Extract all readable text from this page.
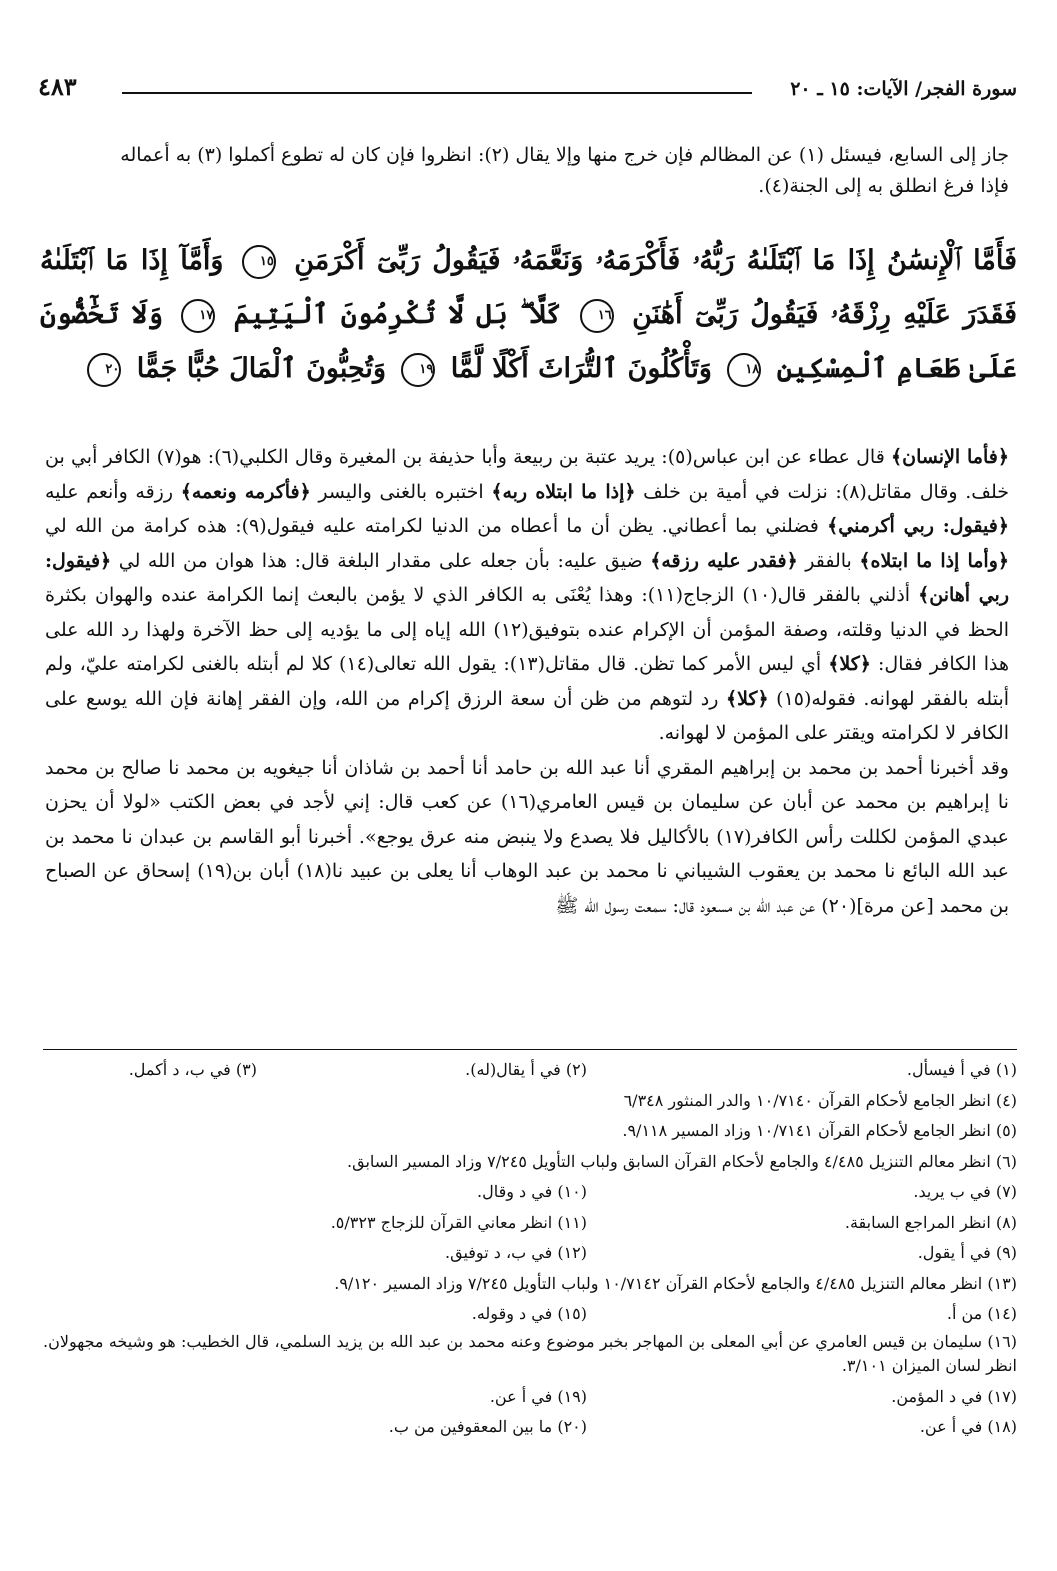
سورة الفجر/ الآيات: ١٥ ـ ٢٠
٤٨٣
جاز إلى السابع، فيسئل (١) عن المظالم فإن خرج منها وإلا يقال (٢): انظروا فإن كان له تطوع أكملوا (٣) به أعماله
فإذا فرغ انطلق به إلى الجنة(٤).
فَأَمَّا ٱلْإِنسَٰنُ إِذَا مَا ٱبْتَلَىٰهُ رَبُّهُۥ فَأَكْرَمَهُۥ وَنَعَّمَهُۥ فَيَقُولُ رَبِّىٓ أَكْرَمَنِ ١٥ وَأَمَّآ إِذَا مَا ٱبْتَلَىٰهُ فَقَدَرَ عَلَيْهِ رِزْقَهُۥ فَيَقُولُ رَبِّىٓ أَهَٰنَنِ ١٦ كَلَّا ۖ بَل لَّا تُكْرِمُونَ ٱلْيَتِيمَ ١٧ وَلَا تَحَٰٓضُّونَ عَلَىٰ طَعَامِ ٱلْمِسْكِينِ ١٨ وَتَأْكُلُونَ ٱلتُّرَاثَ أَكْلًا لَّمًّا ١٩ وَتُحِبُّونَ ٱلْمَالَ حُبًّا جَمًّا ٢٠

﴿فأما الإنسان﴾ قال عطاء عن ابن عباس(٥): يريد عتبة بن ربيعة وأبا حذيفة بن المغيرة وقال الكلبي(٦): هو(٧) الكافر أبي بن خلف. وقال مقاتل(٨): نزلت في أمية بن خلف ﴿إذا ما ابتلاه ربه﴾ اختبره بالغنى واليسر ﴿فأكرمه ونعمه﴾ رزقه وأنعم عليه ﴿فيقول: ربي أكرمني﴾ فضلني بما أعطاني. يظن أن ما أعطاه من الدنيا لكرامته عليه فيقول(٩): هذه كرامة من الله لي ﴿وأما إذا ما ابتلاه﴾ بالفقر ﴿فقدر عليه رزقه﴾ ضيق عليه: بأن جعله على مقدار البلغة قال: هذا هوان من الله لي ﴿فيقول: ربي أهانن﴾ أذلني بالفقر قال(١٠) الزجاج(١١): وهذا يُعْنَى به الكافر الذي لا يؤمن بالبعث إنما الكرامة عنده والهوان بكثرة الحظ في الدنيا وقلته، وصفة المؤمن أن الإكرام عنده بتوفيق(١٢) الله إياه إلى ما يؤديه إلى حظ الآخرة ولهذا رد الله على هذا الكافر فقال: ﴿كلا﴾ أي ليس الأمر كما تظن. قال مقاتل(١٣): يقول الله تعالى(١٤) كلا لم أبتله بالغنى لكرامته عليّ، ولم أبتله بالفقر لهوانه. فقوله(١٥) ﴿كلا﴾ رد لتوهم من ظن أن سعة الرزق إكرام من الله، وإن الفقر إهانة فإن الله يوسع على الكافر لا لكرامته ويقتر على المؤمن لا لهوانه.

وقد أخبرنا أحمد بن محمد بن إبراهيم المقري أنا عبد الله بن حامد أنا أحمد بن شاذان أنا جيغويه بن محمد نا صالح بن محمد نا إبراهيم بن محمد عن أبان عن سليمان بن قيس العامري(١٦) عن كعب قال: إني لأجد في بعض الكتب «لولا أن يحزن عبدي المؤمن لكللت رأس الكافر(١٧) بالأكاليل فلا يصدع ولا ينبض منه عرق يوجع». أخبرنا أبو القاسم بن عبدان نا محمد بن عبد الله البائع نا محمد بن يعقوب الشيباني نا محمد بن عبد الوهاب أنا يعلى بن عبيد نا(١٨) أبان بن(١٩) إسحاق عن الصباح بن محمد [عن مرة](٢٠) عن عبد الله بن مسعود قال: سمعت رسول الله ﷺ

(١) في أ فيسأل.
(٢) في أ يقال(له).
(٣) في ب، د أكمل.
(٤) انظر الجامع لأحكام القرآن ١٠/٧١٤٠ والدر المنثور ٦/٣٤٨
(٥) انظر الجامع لأحكام القرآن ١٠/٧١٤١ وزاد المسير ٩/١١٨.
(٦) انظر معالم التنزيل ٤/٤٨٥ والجامع لأحكام القرآن السابق ولباب التأويل ٧/٢٤٥ وزاد المسير السابق.
(٧) في ب يريد.
(١٠) في د وقال.
(٨) انظر المراجع السابقة.
(١١) انظر معاني القرآن للزجاج ٥/٣٢٣.
(٩) في أ يقول.
(١٢) في ب، د توفيق.
(١٣) انظر معالم التنزيل ٤/٤٨٥ والجامع لأحكام القرآن ١٠/٧١٤٢ ولباب التأويل ٧/٢٤٥ وزاد المسير ٩/١٢٠.
(١٤) من أ.
(١٥) في د وقوله.
(١٦) سليمان بن قيس العامري عن أبي المعلى بن المهاجر بخبر موضوع وعنه محمد بن عبد الله بن يزيد السلمي، قال الخطيب: هو وشيخه مجهولان. انظر لسان الميزان ٣/١٠١.
(١٧) في د المؤمن.
(١٩) في أ عن.
(١٨) في أ عن.
(٢٠) ما بين المعقوفين من ب.
